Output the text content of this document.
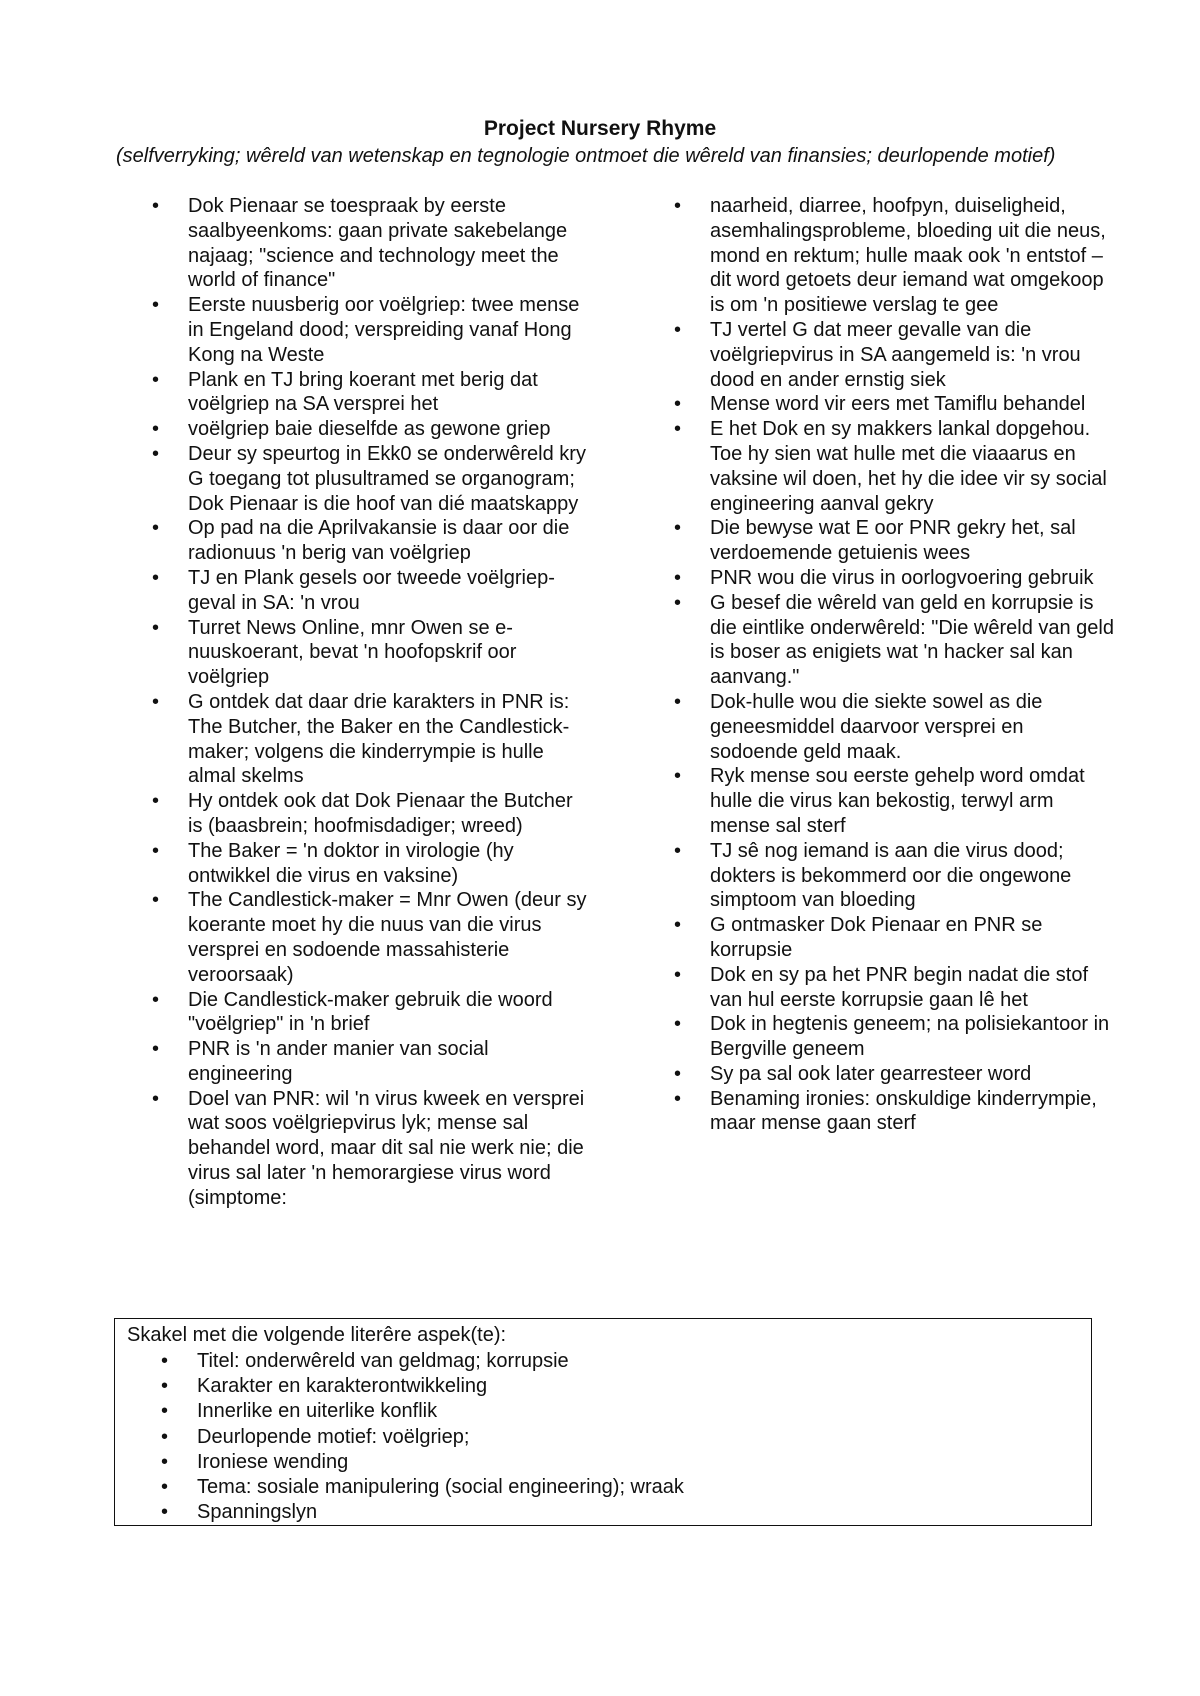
Project Nursery Rhyme
(selfverryking; wêreld van wetenskap en tegnologie ontmoet die wêreld van finansies; deurlopende motief)
• Dok Pienaar se toespraak by eerste saalbyeenkoms: gaan private sakebelange najaag; "science and technology meet the world of finance"
• Eerste nuusberig oor voëlgriep: twee mense in Engeland dood; verspreiding vanaf Hong Kong na Weste
• Plank en TJ bring koerant met berig dat voëlgriep na SA versprei het
• voëlgriep baie dieselfde as gewone griep
• Deur sy speurtog in Ekk0 se onderwêreld kry G toegang tot plusultramed se organogram; Dok Pienaar is die hoof van dié maatskappy
• Op pad na die Aprilvakansie is daar oor die radionuus 'n berig van voëlgriep
• TJ en Plank gesels oor tweede voëlgriep-geval in SA: 'n vrou
• Turret News Online, mnr Owen se e-nuuskoerant, bevat 'n hoofopskrif oor voëlgriep
• G ontdek dat daar drie karakters in PNR is: The Butcher, the Baker en the Candlestick-maker; volgens die kinderrympie is hulle almal skelms
• Hy ontdek ook dat Dok Pienaar the Butcher is (baasbrein; hoofmisdadiger; wreed)
• The Baker = 'n doktor in virologie (hy ontwikkel die virus en vaksine)
• The Candlestick-maker = Mnr Owen (deur sy koerante moet hy die nuus van die virus versprei en sodoende massahisterie veroorsaak)
• Die Candlestick-maker gebruik die woord "voëlgriep" in 'n brief
• PNR is 'n ander manier van social engineering
• Doel van PNR: wil 'n virus kweek en versprei wat soos voëlgriepvirus lyk; mense sal behandel word, maar dit sal nie werk nie; die virus sal later 'n hemorargiese virus word (simptome:
• naarheid, diarree, hoofpyn, duiseligheid, asemhalingsprobleme, bloeding uit die neus, mond en rektum; hulle maak ook 'n entstof – dit word getoets deur iemand wat omgekoop is om 'n positiewe verslag te gee
• TJ vertel G dat meer gevalle van die voëlgriepvirus in SA aangemeld is: 'n vrou dood en ander ernstig siek
• Mense word vir eers met Tamiflu behandel
• E het Dok en sy makkers lankal dopgehou. Toe hy sien wat hulle met die viaaarus en vaksine wil doen, het hy die idee vir sy social engineering aanval gekry
• Die bewyse wat E oor PNR gekry het, sal verdoemende getuienis wees
• PNR wou die virus in oorlogvoering gebruik
• G besef die wêreld van geld en korrupsie is die eintlike onderwêreld: "Die wêreld van geld is boser as enigiets wat 'n hacker sal kan aanvang."
• Dok-hulle wou die siekte sowel as die geneesmiddel daarvoor versprei en sodoende geld maak.
• Ryk mense sou eerste gehelp word omdat hulle die virus kan bekostig, terwyl arm mense sal sterf
• TJ sê nog iemand is aan die virus dood; dokters is bekommerd oor die ongewone simptoom van bloeding
• G ontmasker Dok Pienaar en PNR se korrupsie
• Dok en sy pa het PNR begin nadat die stof van hul eerste korrupsie gaan lê het
• Dok in hegtenis geneem; na polisiekantoor in Bergville geneem
• Sy pa sal ook later gearresteer word
• Benaming ironies: onskuldige kinderrympie, maar mense gaan sterf
Skakel met die volgende literêre aspek(te):
• Titel: onderwêreld van geldmag; korrupsie
• Karakter en karakterontwikkeling
• Innerlike en uiterlike konflik
• Deurlopende motief: voëlgriep;
• Ironiese wending
• Tema: sosiale manipulering (social engineering); wraak
• Spanningslyn
